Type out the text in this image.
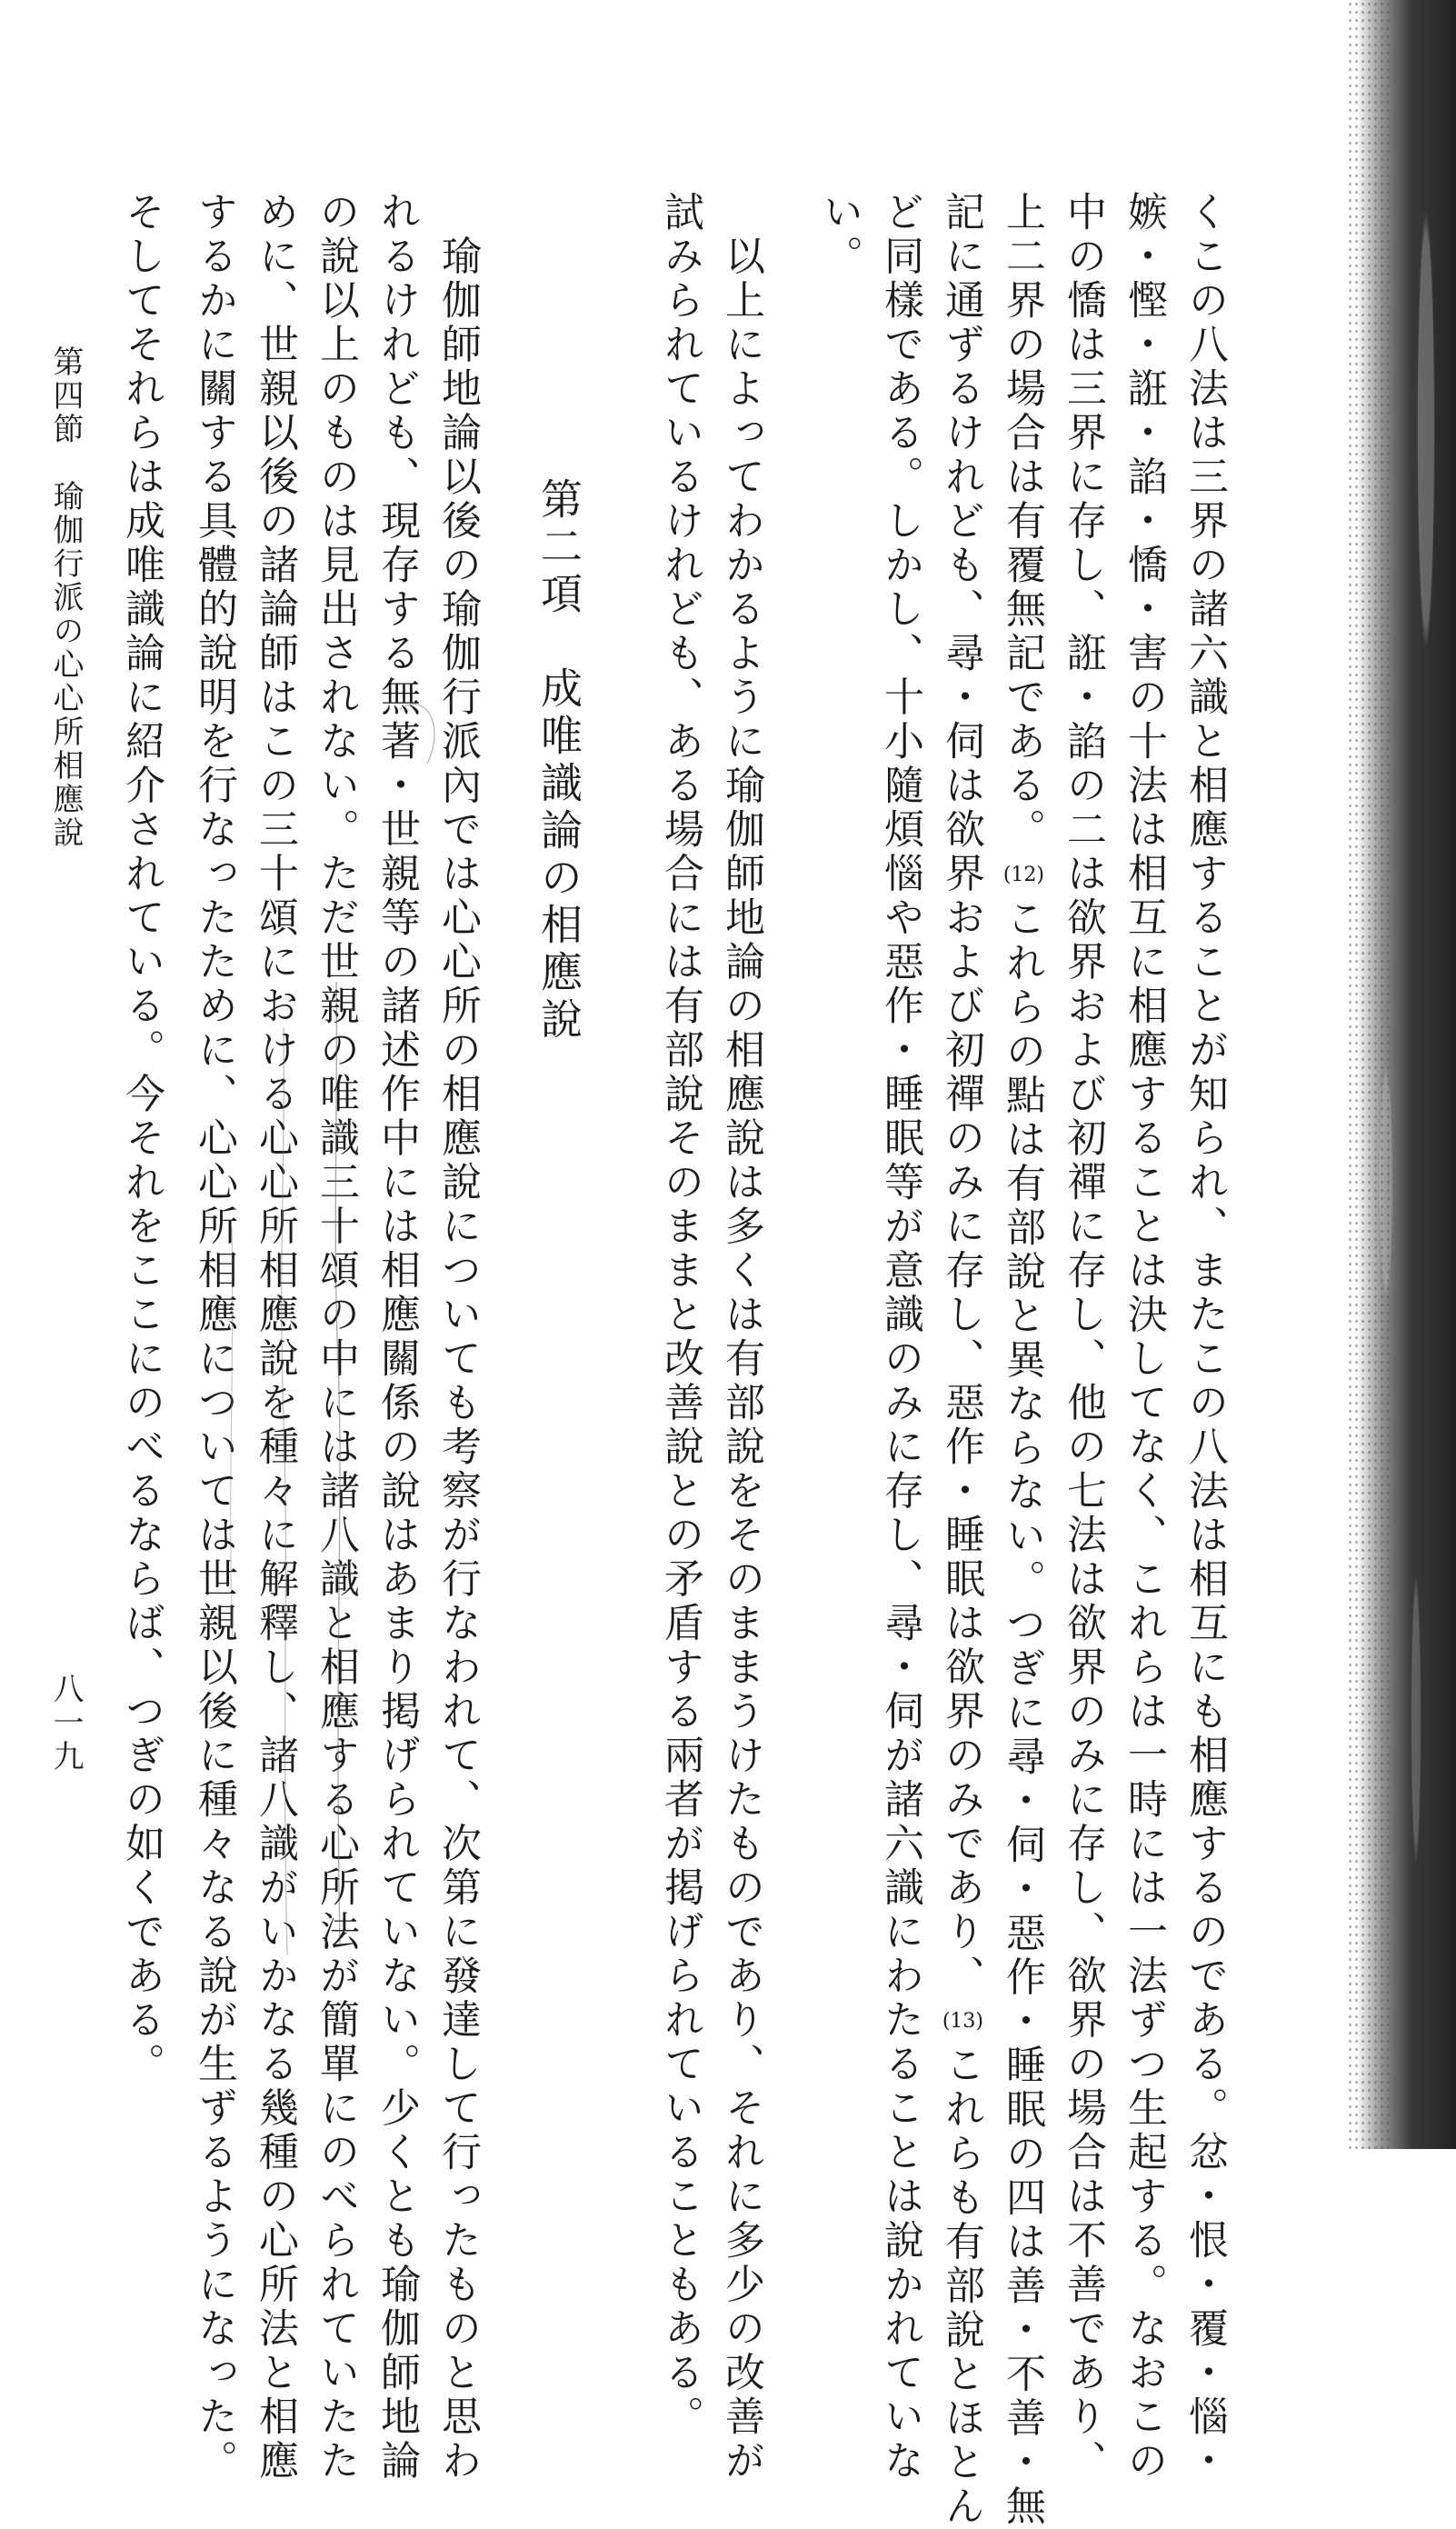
くこの八法は三界の諸六識と相應することが知られ、またこの八法は相互にも相應するのである。忿・恨・覆・惱・
嫉・慳・誑・諂・憍・害の十法は相互に相應することは決してなく、これらは一時には一法ずつ生起する。なおこの
中の憍は三界に存し、誑・諂の二は欲界および初禪に存し、他の七法は欲界のみに存し、欲界の場合は不善であり、
上二界の場合は有覆無記である。(12)これらの點は有部說と異ならない。つぎに尋・伺・惡作・睡眠の四は善・不善・無
記に通ずるけれども、尋・伺は欲界および初禪のみに存し、惡作・睡眠は欲界のみであり、(13)これらも有部說とほとん
ど同樣である。しかし、十小隨煩惱や惡作・睡眠等が意識のみに存し、尋・伺が諸六識にわたることは說かれていな
い。
　以上によってわかるように瑜伽師地論の相應說は多くは有部說をそのままうけたものであり、それに多少の改善が
試みられているけれども、ある場合には有部說そのままと改善說との矛盾する兩者が掲げられていることもある。
第二項　成唯識論の相應說
　瑜伽師地論以後の瑜伽行派內では心心所の相應說についても考察が行なわれて、次第に發達して行ったものと思わ
れるけれども、現存する無著・世親等の諸述作中には相應關係の說はあまり掲げられていない。少くとも瑜伽師地論
の說以上のものは見出されない。ただ世親の唯識三十頌の中には諸八識と相應する心所法が簡單にのべられていたた
めに、世親以後の諸論師はこの三十頌における心心所相應說を種々に解釋し、諸八識がいかなる幾種の心所法と相應
するかに關する具體的說明を行なったために、心心所相應については世親以後に種々なる說が生ずるようになった。
そしてそれらは成唯識論に紹介されている。今それをここにのべるならば、つぎの如くである。
第四節　瑜伽行派の心心所相應說
八一九
